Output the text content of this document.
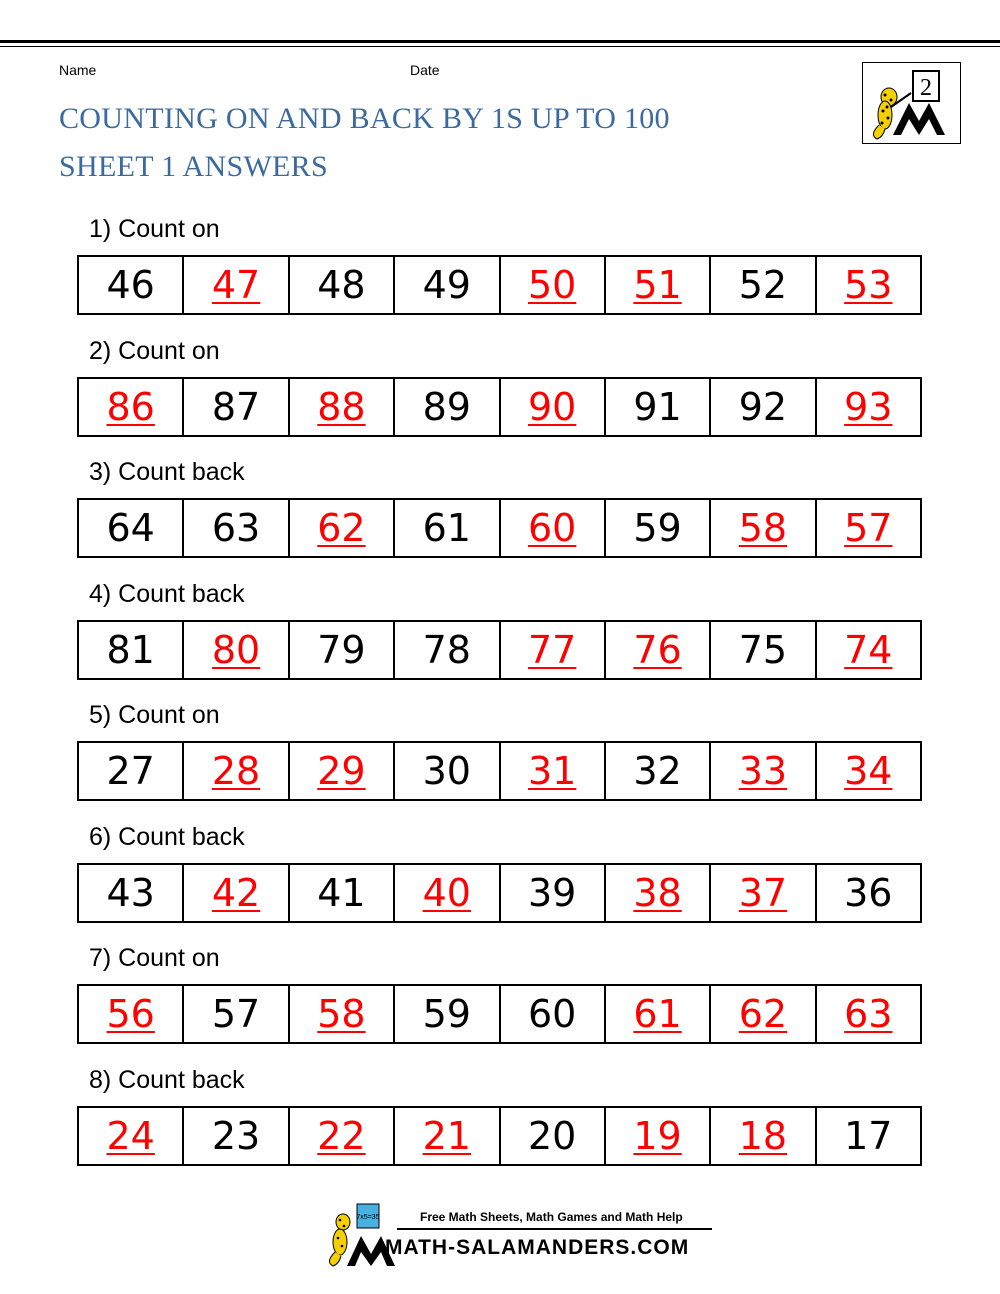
Name	Date
COUNTING ON AND BACK BY 1S UP TO 100
SHEET 1 ANSWERS
2
1) Count on
46	47	48	49	50	51	52	53
2) Count on
86	87	88	89	90	91	92	93
3) Count back
64	63	62	61	60	59	58	57
4) Count back
81	80	79	78	77	76	75	74
5) Count on
27	28	29	30	31	32	33	34
6) Count back
43	42	41	40	39	38	37	36
7) Count on
56	57	58	59	60	61	62	63
8) Count back
24	23	22	21	20	19	18	17
7x5=35	Free Math Sheets, Math Games and Math Help
MATH-SALAMANDERS.COM
